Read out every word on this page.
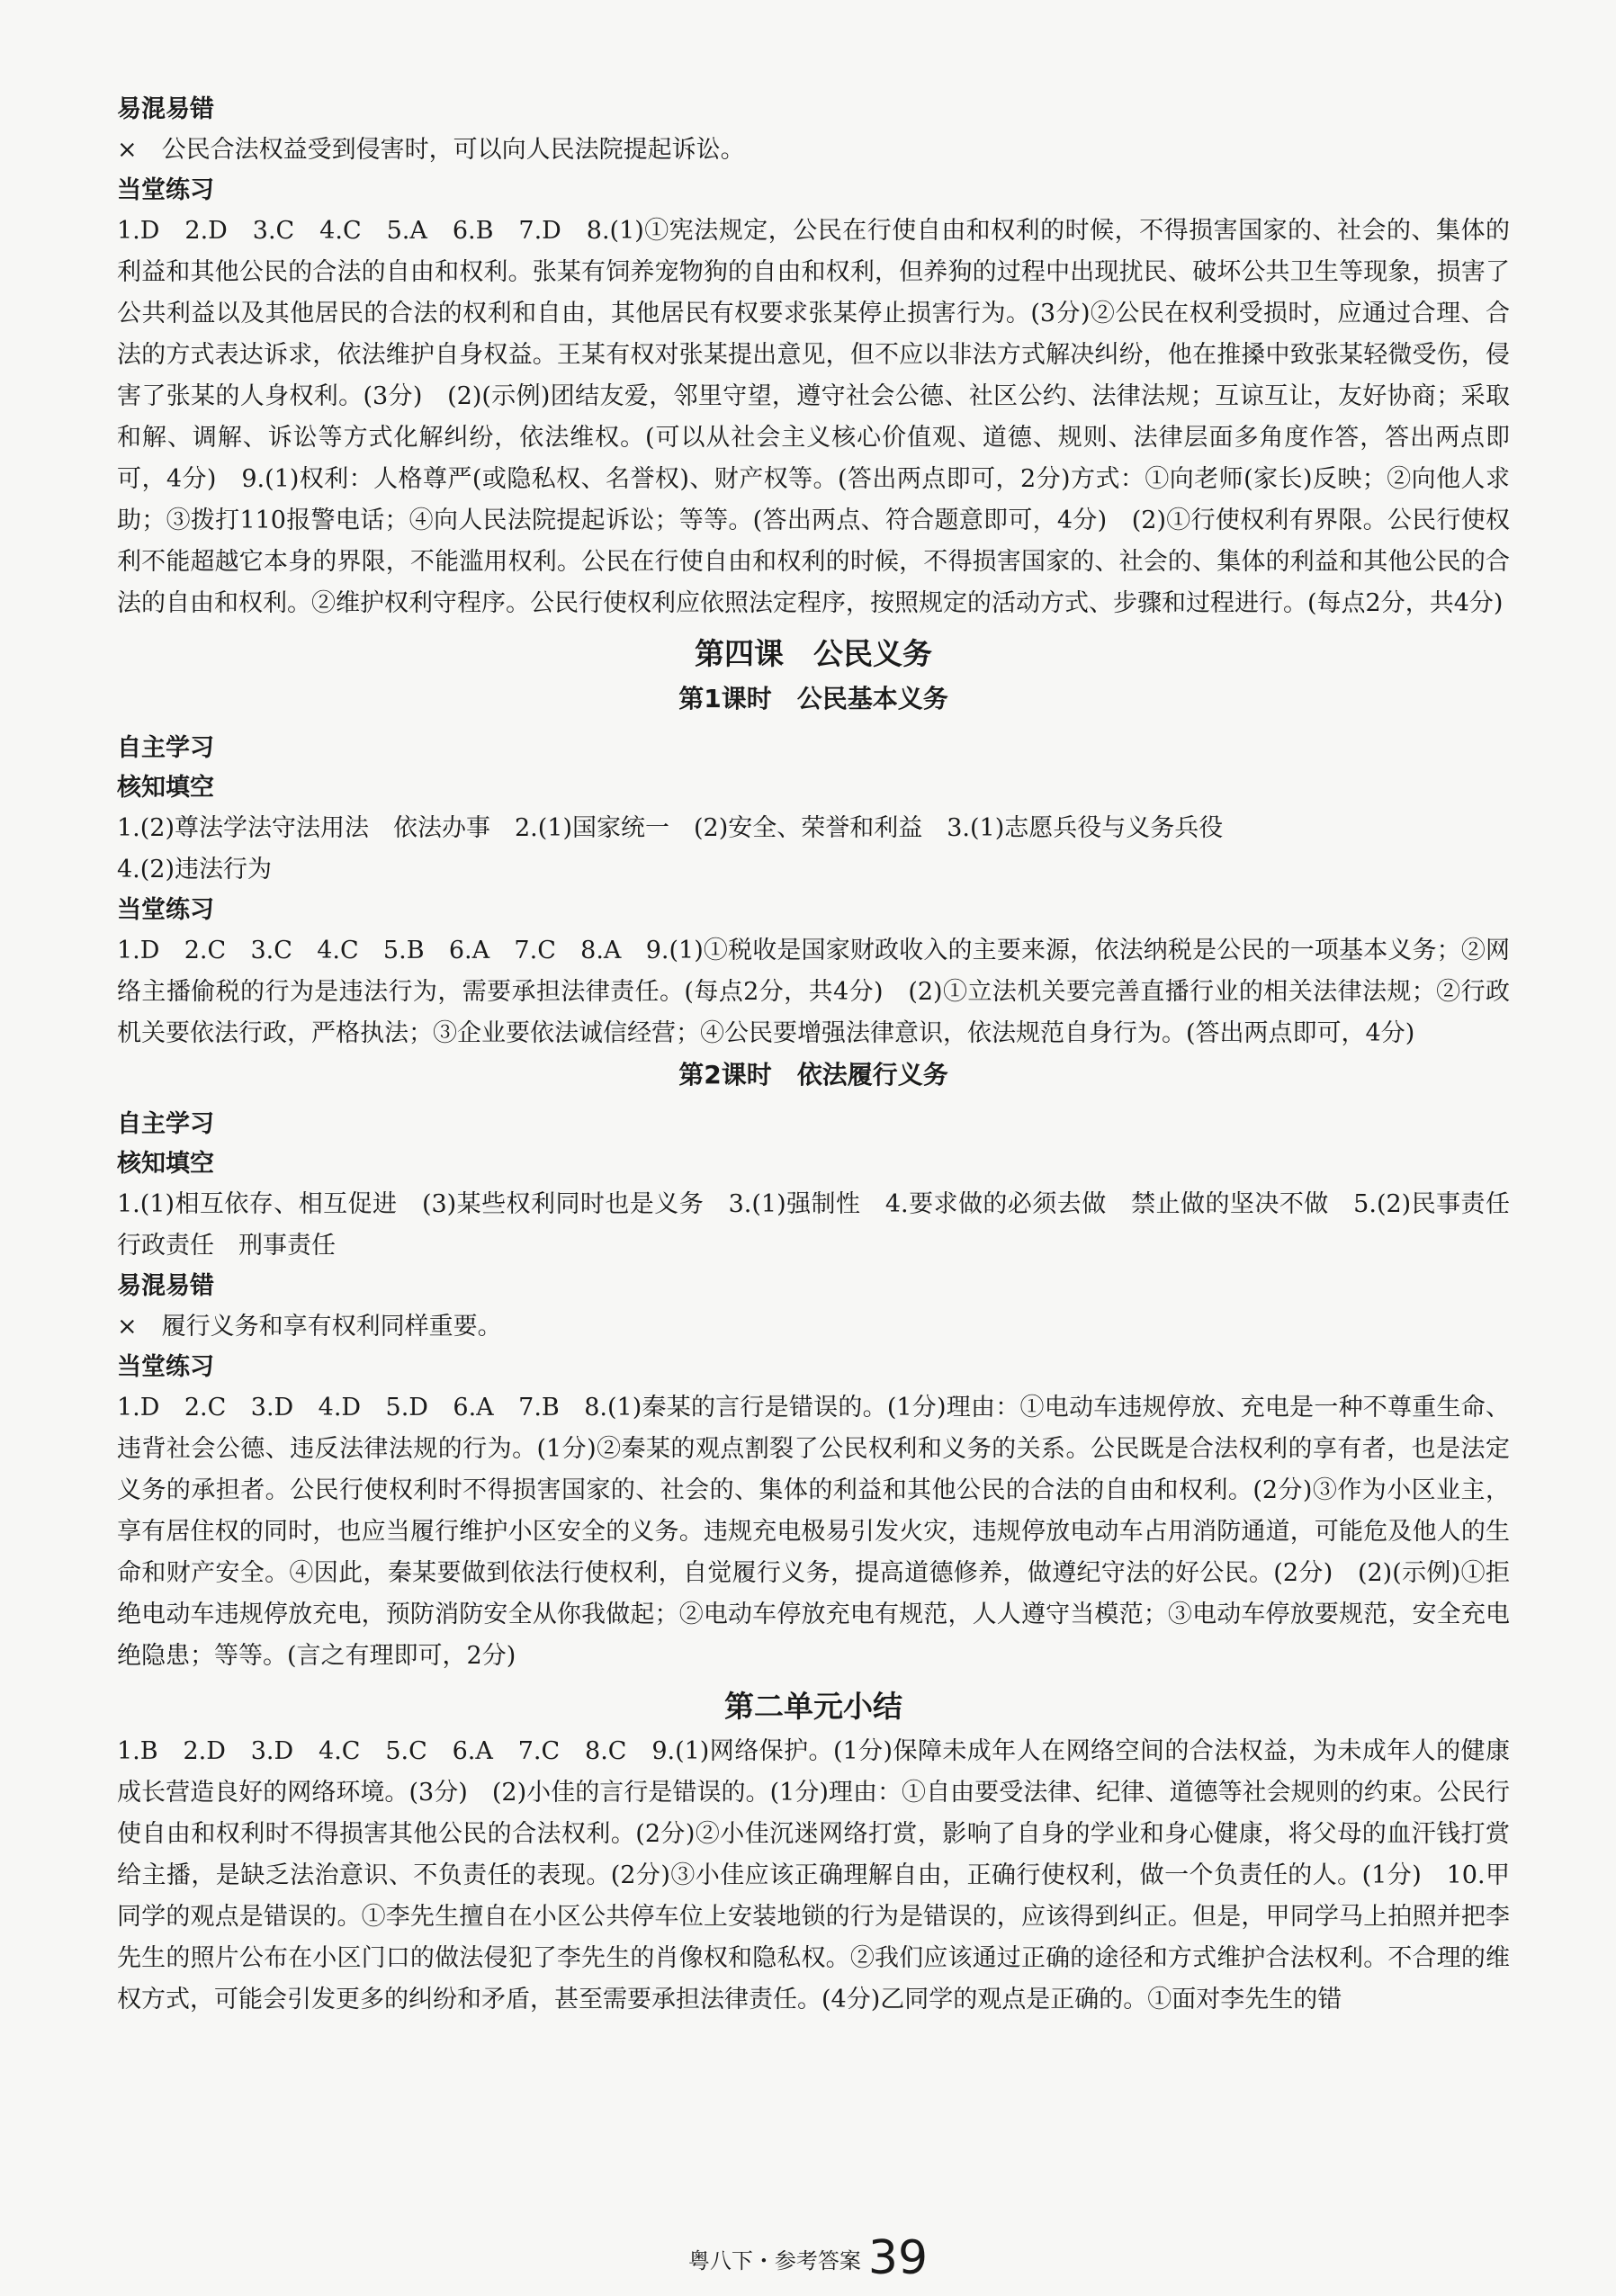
易混易错

×　公民合法权益受到侵害时，可以向人民法院提起诉讼。

当堂练习

1.D　2.D　3.C　4.C　5.A　6.B　7.D　8.(1)①宪法规定，公民在行使自由和权利的时候，不得损害国家的、社会的、集体的利益和其他公民的合法的自由和权利。张某有饲养宠物狗的自由和权利，但养狗的过程中出现扰民、破坏公共卫生等现象，损害了公共利益以及其他居民的合法的权利和自由，其他居民有权要求张某停止损害行为。(3分)②公民在权利受损时，应通过合理、合法的方式表达诉求，依法维护自身权益。王某有权对张某提出意见，但不应以非法方式解决纠纷，他在推搡中致张某轻微受伤，侵害了张某的人身权利。(3分)　(2)(示例)团结友爱，邻里守望，遵守社会公德、社区公约、法律法规；互谅互让，友好协商；采取和解、调解、诉讼等方式化解纠纷，依法维权。(可以从社会主义核心价值观、道德、规则、法律层面多角度作答，答出两点即可，4分)　9.(1)权利：人格尊严(或隐私权、名誉权)、财产权等。(答出两点即可，2分)方式：①向老师(家长)反映；②向他人求助；③拨打110报警电话；④向人民法院提起诉讼；等等。(答出两点、符合题意即可，4分)　(2)①行使权利有界限。公民行使权利不能超越它本身的界限，不能滥用权利。公民在行使自由和权利的时候，不得损害国家的、社会的、集体的利益和其他公民的合法的自由和权利。②维护权利守程序。公民行使权利应依照法定程序，按照规定的活动方式、步骤和过程进行。(每点2分，共4分)

第四课　公民义务

第1课时　公民基本义务

自主学习

核知填空

1.(2)尊法学法守法用法　依法办事　2.(1)国家统一　(2)安全、荣誉和利益　3.(1)志愿兵役与义务兵役

4.(2)违法行为

当堂练习

1.D　2.C　3.C　4.C　5.B　6.A　7.C　8.A　9.(1)①税收是国家财政收入的主要来源，依法纳税是公民的一项基本义务；②网络主播偷税的行为是违法行为，需要承担法律责任。(每点2分，共4分)　(2)①立法机关要完善直播行业的相关法律法规；②行政机关要依法行政，严格执法；③企业要依法诚信经营；④公民要增强法律意识，依法规范自身行为。(答出两点即可，4分)

第2课时　依法履行义务

自主学习

核知填空

1.(1)相互依存、相互促进　(3)某些权利同时也是义务　3.(1)强制性　4.要求做的必须去做　禁止做的坚决不做　5.(2)民事责任　行政责任　刑事责任

易混易错

×　履行义务和享有权利同样重要。

当堂练习

1.D　2.C　3.D　4.D　5.D　6.A　7.B　8.(1)秦某的言行是错误的。(1分)理由：①电动车违规停放、充电是一种不尊重生命、违背社会公德、违反法律法规的行为。(1分)②秦某的观点割裂了公民权利和义务的关系。公民既是合法权利的享有者，也是法定义务的承担者。公民行使权利时不得损害国家的、社会的、集体的利益和其他公民的合法的自由和权利。(2分)③作为小区业主，享有居住权的同时，也应当履行维护小区安全的义务。违规充电极易引发火灾，违规停放电动车占用消防通道，可能危及他人的生命和财产安全。④因此，秦某要做到依法行使权利，自觉履行义务，提高道德修养，做遵纪守法的好公民。(2分)　(2)(示例)①拒绝电动车违规停放充电，预防消防安全从你我做起；②电动车停放充电有规范，人人遵守当模范；③电动车停放要规范，安全充电绝隐患；等等。(言之有理即可，2分)

第二单元小结

1.B　2.D　3.D　4.C　5.C　6.A　7.C　8.C　9.(1)网络保护。(1分)保障未成年人在网络空间的合法权益，为未成年人的健康成长营造良好的网络环境。(3分)　(2)小佳的言行是错误的。(1分)理由：①自由要受法律、纪律、道德等社会规则的约束。公民行使自由和权利时不得损害其他公民的合法权利。(2分)②小佳沉迷网络打赏，影响了自身的学业和身心健康，将父母的血汗钱打赏给主播，是缺乏法治意识、不负责任的表现。(2分)③小佳应该正确理解自由，正确行使权利，做一个负责任的人。(1分)　10.甲同学的观点是错误的。①李先生擅自在小区公共停车位上安装地锁的行为是错误的，应该得到纠正。但是，甲同学马上拍照并把李先生的照片公布在小区门口的做法侵犯了李先生的肖像权和隐私权。②我们应该通过正确的途径和方式维护合法权利。不合理的维权方式，可能会引发更多的纠纷和矛盾，甚至需要承担法律责任。(4分)乙同学的观点是正确的。①面对李先生的错

粤八下・参考答案 39
